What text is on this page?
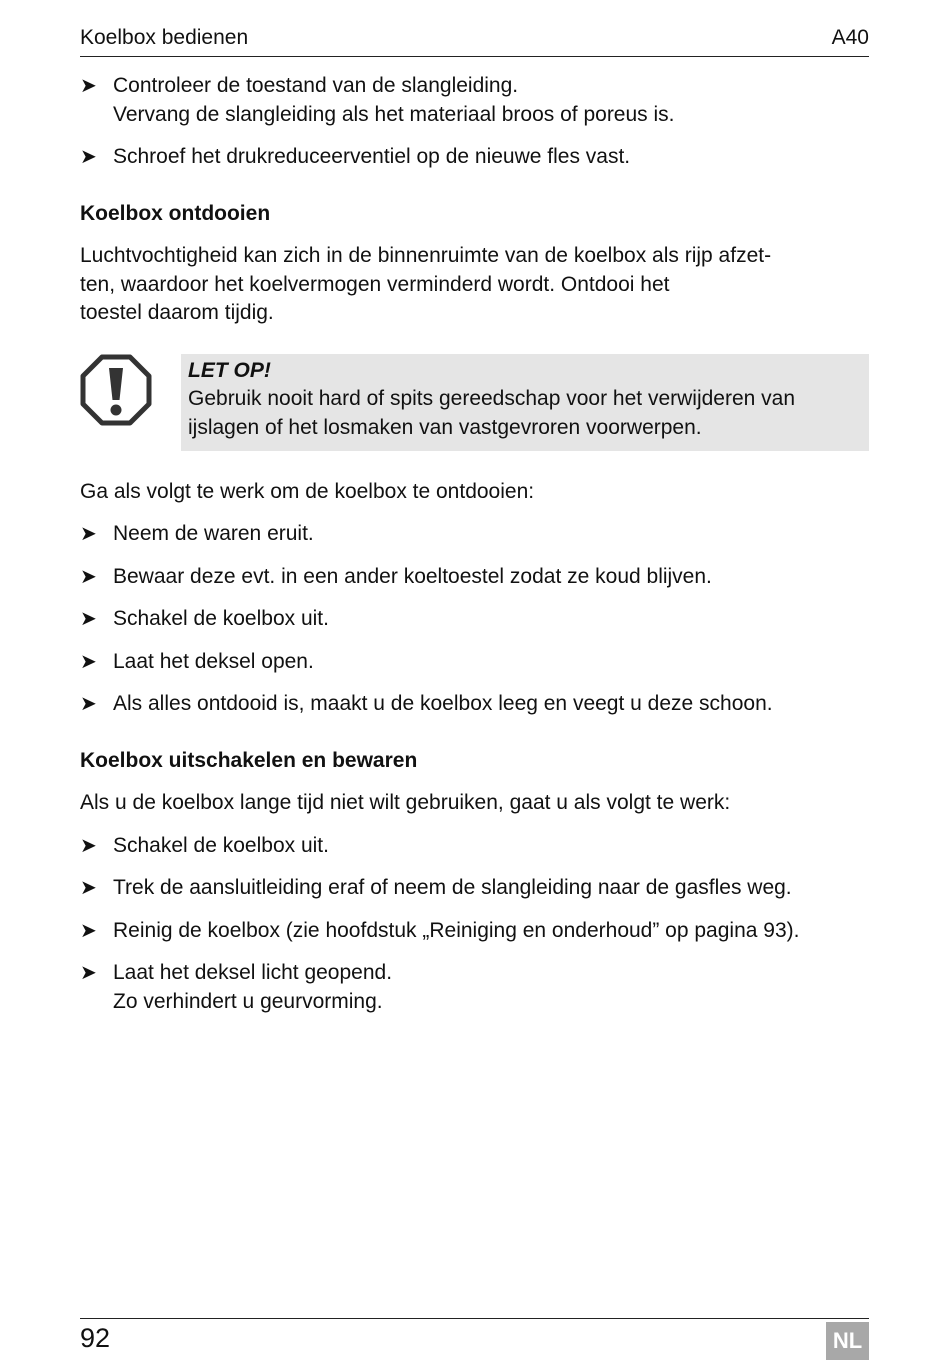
Koelbox bedienen	A40
➤ Controleer de toestand van de slangleiding.
Vervang de slangleiding als het materiaal broos of poreus is.
➤ Schroef het drukreduceerventiel op de nieuwe fles vast.
Koelbox ontdooien
Luchtvochtigheid kan zich in de binnenruimte van de koelbox als rijp afzet-
ten, waardoor het koelvermogen verminderd wordt. Ontdooi het
toestel daarom tijdig.
LET OP!
Gebruik nooit hard of spits gereedschap voor het verwijderen van
ijslagen of het losmaken van vastgevroren voorwerpen.
Ga als volgt te werk om de koelbox te ontdooien:
➤ Neem de waren eruit.
➤ Bewaar deze evt. in een ander koeltoestel zodat ze koud blijven.
➤ Schakel de koelbox uit.
➤ Laat het deksel open.
➤ Als alles ontdooid is, maakt u de koelbox leeg en veegt u deze schoon.
Koelbox uitschakelen en bewaren
Als u de koelbox lange tijd niet wilt gebruiken, gaat u als volgt te werk:
➤ Schakel de koelbox uit.
➤ Trek de aansluitleiding eraf of neem de slangleiding naar de gasfles weg.
➤ Reinig de koelbox (zie hoofdstuk „Reiniging en onderhoud” op pagina 93).
➤ Laat het deksel licht geopend.
Zo verhindert u geurvorming.
92	NL
